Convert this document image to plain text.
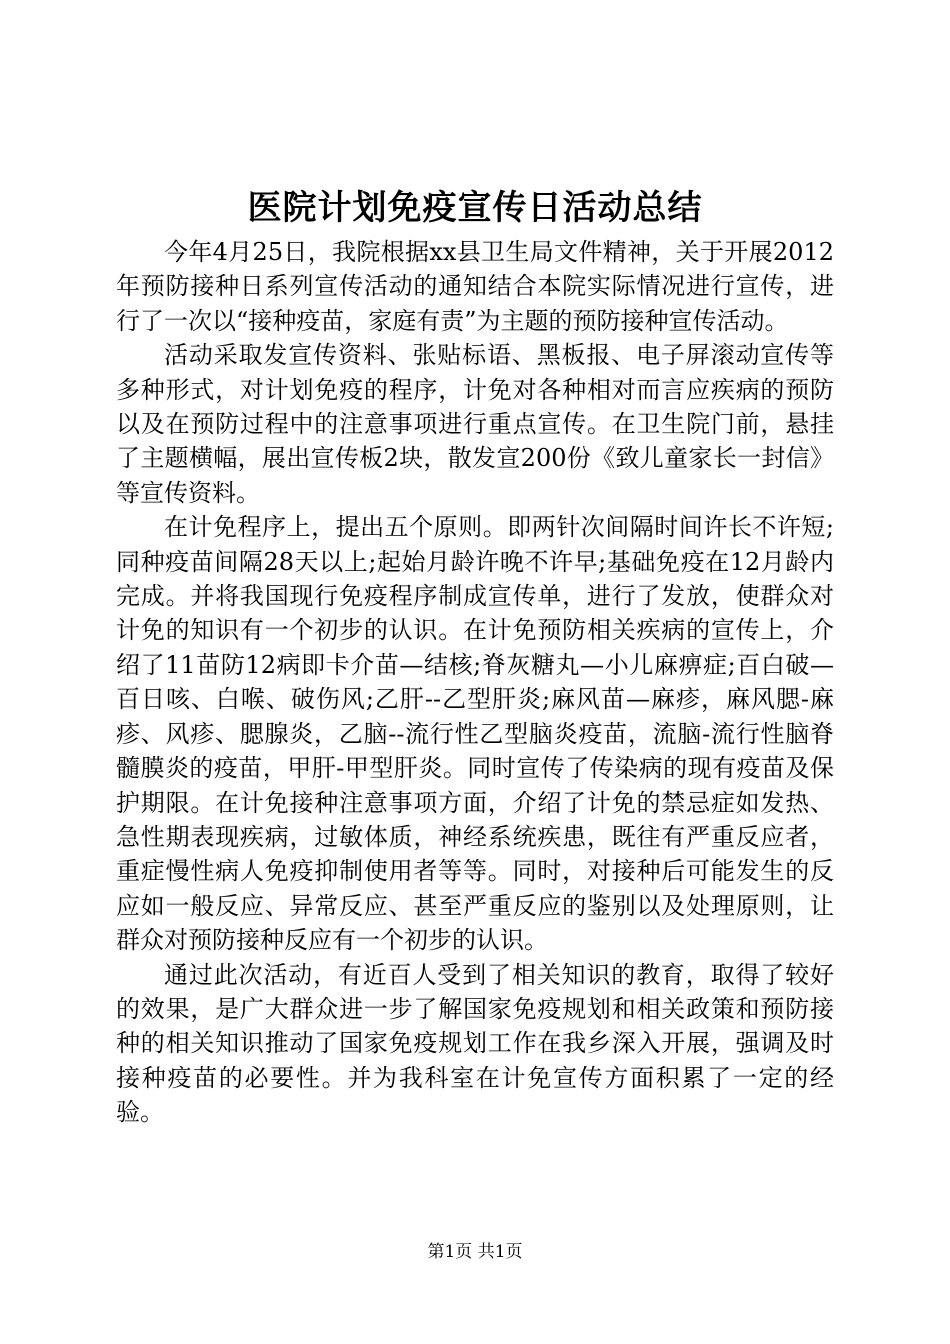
医院计划免疫宣传日活动总结

今年4月25日，我院根据xx县卫生局文件精神，关于开展2012年预防接种日系列宣传活动的通知结合本院实际情况进行宣传，进行了一次以“接种疫苗，家庭有责”为主题的预防接种宣传活动。

活动采取发宣传资料、张贴标语、黑板报、电子屏滚动宣传等多种形式，对计划免疫的程序，计免对各种相对而言应疾病的预防以及在预防过程中的注意事项进行重点宣传。在卫生院门前，悬挂了主题横幅，展出宣传板2块，散发宣200份《致儿童家长一封信》等宣传资料。

在计免程序上，提出五个原则。即两针次间隔时间许长不许短;同种疫苗间隔28天以上;起始月龄许晚不许早;基础免疫在12月龄内完成。并将我国现行免疫程序制成宣传单，进行了发放，使群众对计免的知识有一个初步的认识。在计免预防相关疾病的宣传上，介绍了11苗防12病即卡介苗—结核;脊灰糖丸—小儿麻痹症;百白破—百日咳、白喉、破伤风;乙肝--乙型肝炎;麻风苗—麻疹，麻风腮-麻疹、风疹、腮腺炎，乙脑--流行性乙型脑炎疫苗，流脑-流行性脑脊髓膜炎的疫苗，甲肝-甲型肝炎。同时宣传了传染病的现有疫苗及保护期限。在计免接种注意事项方面，介绍了计免的禁忌症如发热、急性期表现疾病，过敏体质，神经系统疾患，既往有严重反应者，重症慢性病人免疫抑制使用者等等。同时，对接种后可能发生的反应如一般反应、异常反应、甚至严重反应的鉴别以及处理原则，让群众对预防接种反应有一个初步的认识。

通过此次活动，有近百人受到了相关知识的教育，取得了较好的效果，是广大群众进一步了解国家免疫规划和相关政策和预防接种的相关知识推动了国家免疫规划工作在我乡深入开展，强调及时接种疫苗的必要性。并为我科室在计免宣传方面积累了一定的经验。

第1页 共1页
